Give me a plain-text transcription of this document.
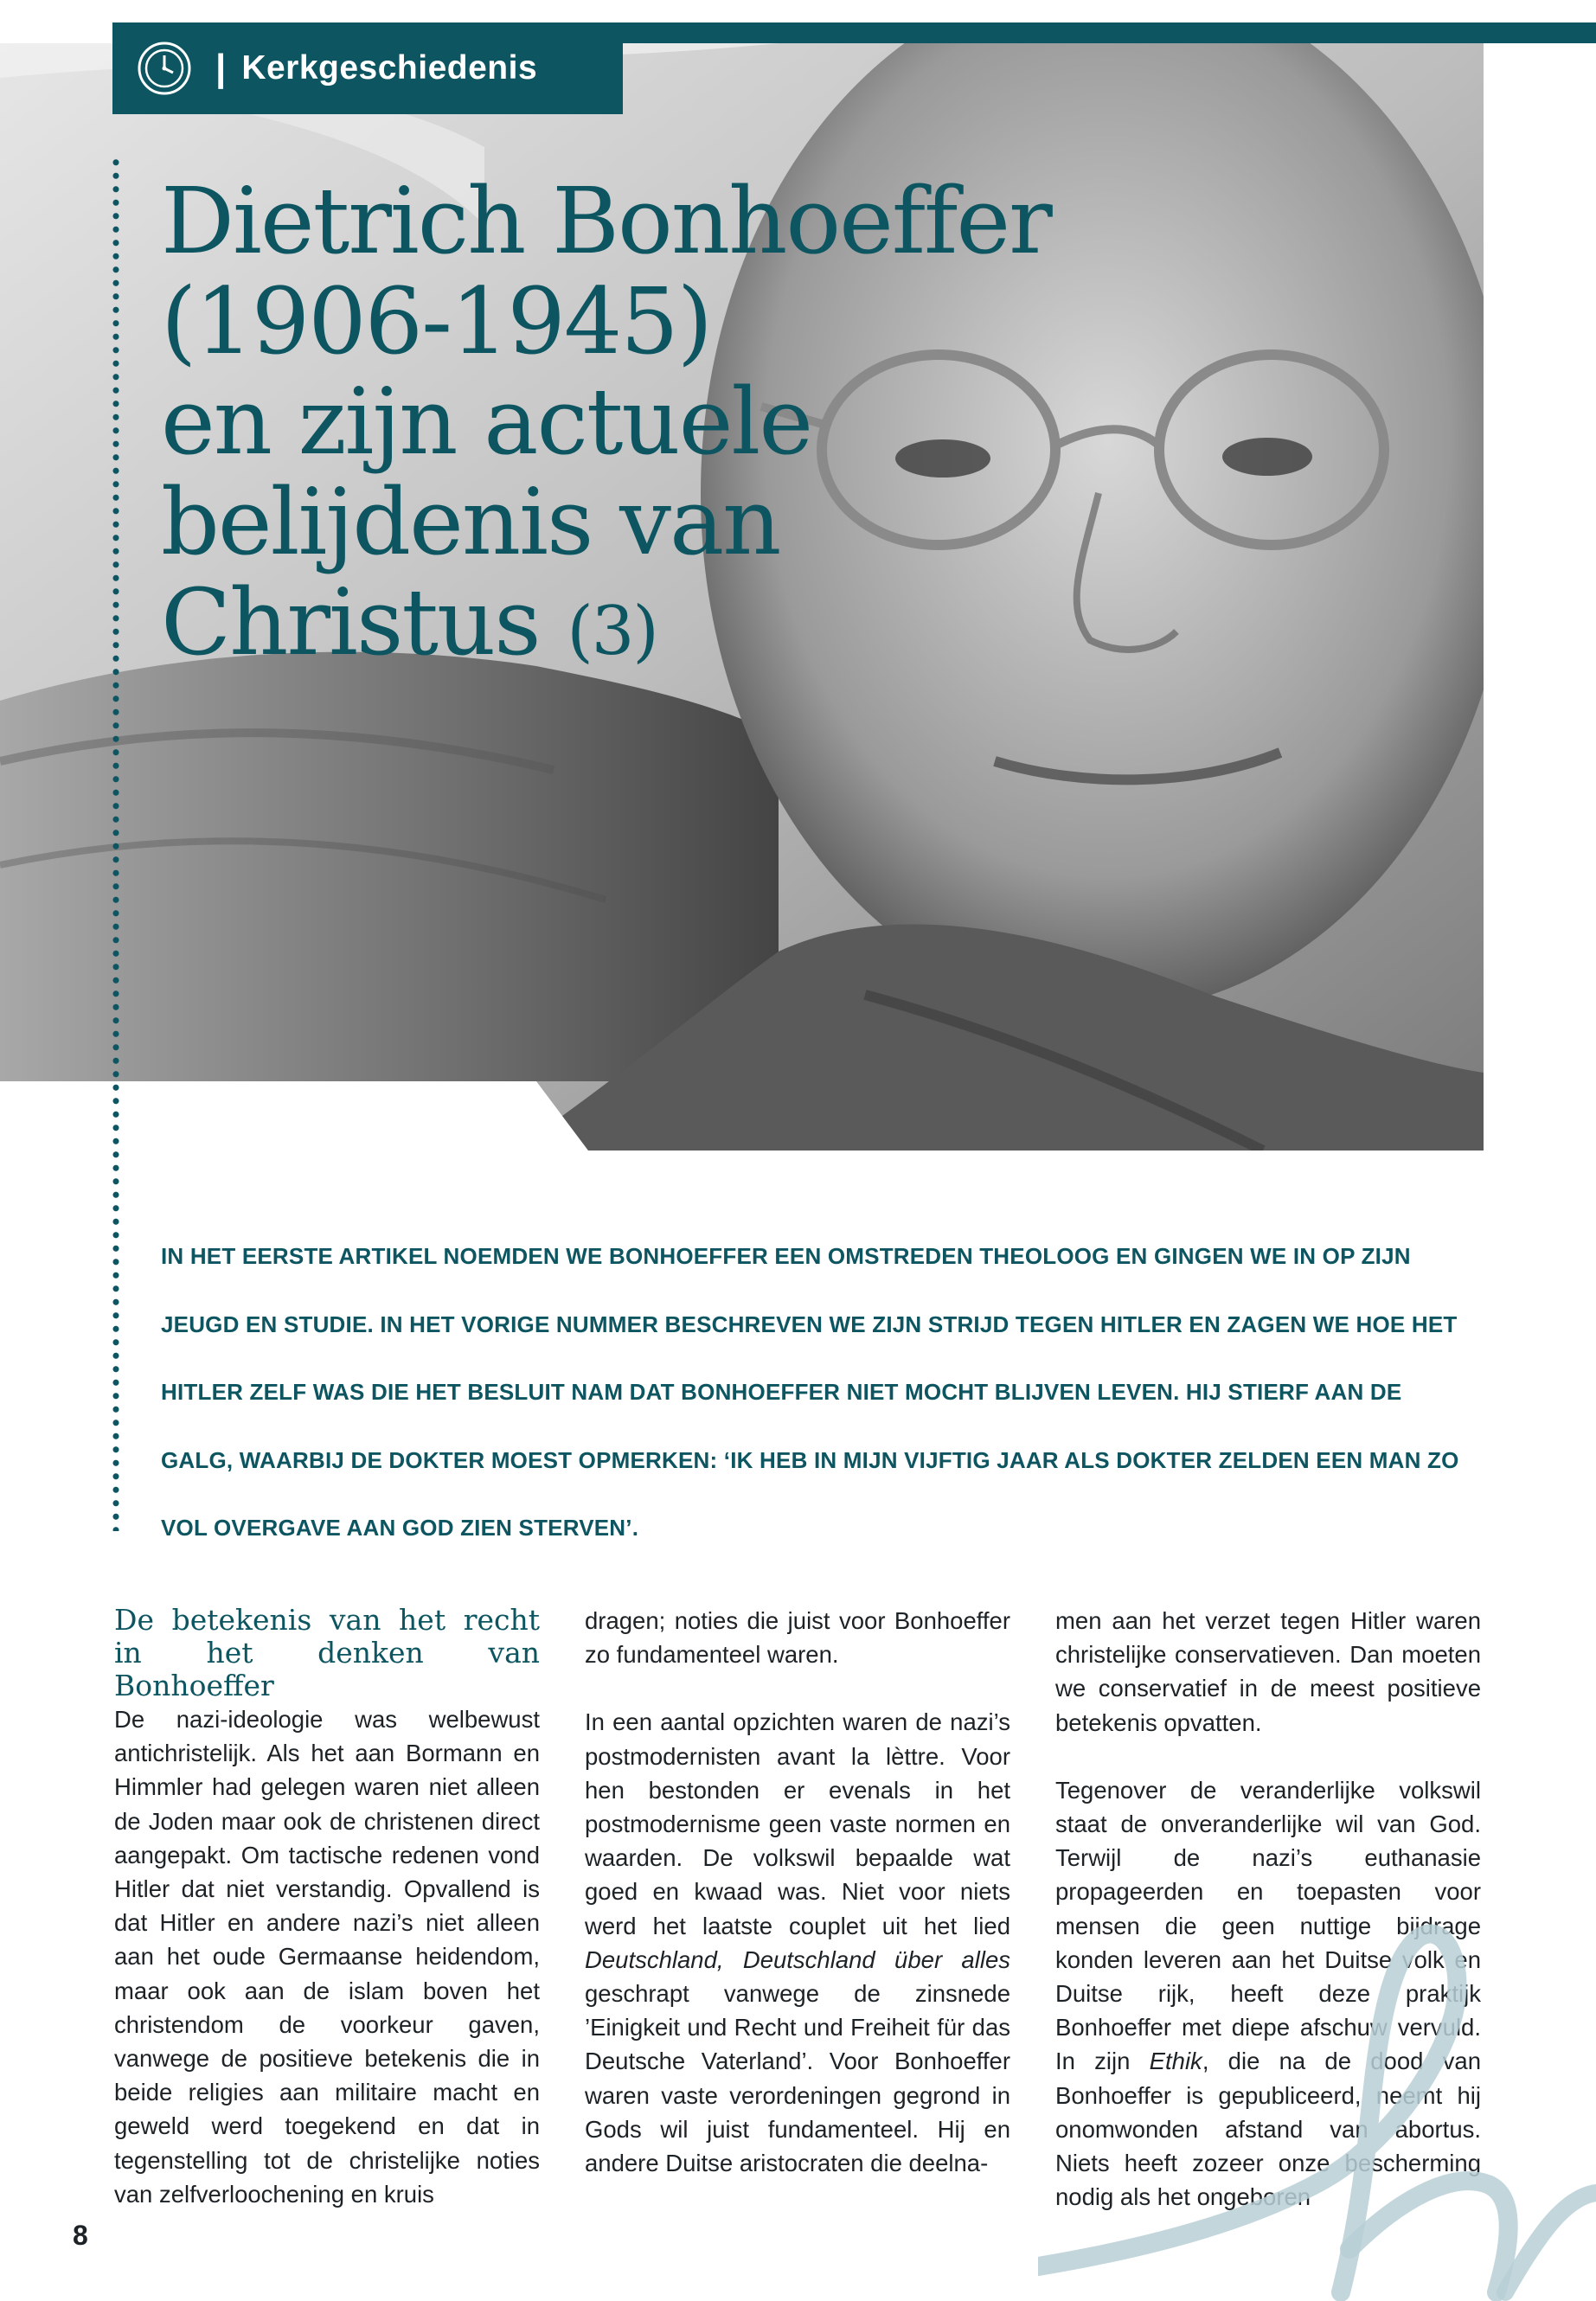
| Kerkgeschiedenis
Dietrich Bonhoeffer
(1906-1945)
en zijn actuele
belijdenis van
Christus (3)

IN HET EERSTE ARTIKEL NOEMDEN WE BONHOEFFER EEN OMSTREDEN THEOLOOG EN GINGEN WE IN OP ZIJN JEUGD EN STUDIE. IN HET VORIGE NUMMER BESCHREVEN WE ZIJN STRIJD TEGEN HITLER EN ZAGEN WE HOE HET HITLER ZELF WAS DIE HET BESLUIT NAM DAT BONHOEFFER NIET MOCHT BLIJVEN LEVEN. HIJ STIERF AAN DE GALG, WAARBIJ DE DOKTER MOEST OPMERKEN: ‘IK HEB IN MIJN VIJFTIG JAAR ALS DOKTER ZELDEN EEN MAN ZO VOL OVERGAVE AAN GOD ZIEN STERVEN’.

De betekenis van het recht in het denken van Bonhoeffer

De nazi-ideologie was welbewust antichristelijk. Als het aan Bormann en Himmler had gelegen waren niet alleen de Joden maar ook de christenen direct aangepakt. Om tactische redenen vond Hitler dat niet verstandig. Opvallend is dat Hitler en andere nazi’s niet alleen aan het oude Germaanse heidendom, maar ook aan de islam boven het christendom de voorkeur gaven, vanwege de positieve betekenis die in beide religies aan militaire macht en geweld werd toegekend en dat in tegenstelling tot de christelijke noties van zelfverloochening en kruis

dragen; noties die juist voor Bonhoeffer zo fundamenteel waren.

In een aantal opzichten waren de nazi’s postmodernisten avant la lèttre. Voor hen bestonden er evenals in het postmodernisme geen vaste normen en waarden. De volkswil bepaalde wat goed en kwaad was. Niet voor niets werd het laatste couplet uit het lied Deutschland, Deutschland über alles geschrapt vanwege de zinsnede ’Einigkeit und Recht und Freiheit für das Deutsche Vaterland’. Voor Bonhoeffer waren vaste verordeningen gegrond in Gods wil juist fundamenteel. Hij en andere Duitse aristocraten die deelna-

men aan het verzet tegen Hitler waren christelijke conservatieven. Dan moeten we conservatief in de meest positieve betekenis opvatten.

Tegenover de veranderlijke volkswil staat de onveranderlijke wil van God. Terwijl de nazi’s euthanasie propageerden en toepasten voor mensen die geen nuttige bijdrage konden leveren aan het Duitse volk en Duitse rijk, heeft deze praktijk Bonhoeffer met diepe afschuw vervuld. In zijn Ethik, die na de dood van Bonhoeffer is gepubliceerd, neemt hij onomwonden afstand van abortus. Niets heeft zozeer onze bescherming nodig als het ongeboren

8
